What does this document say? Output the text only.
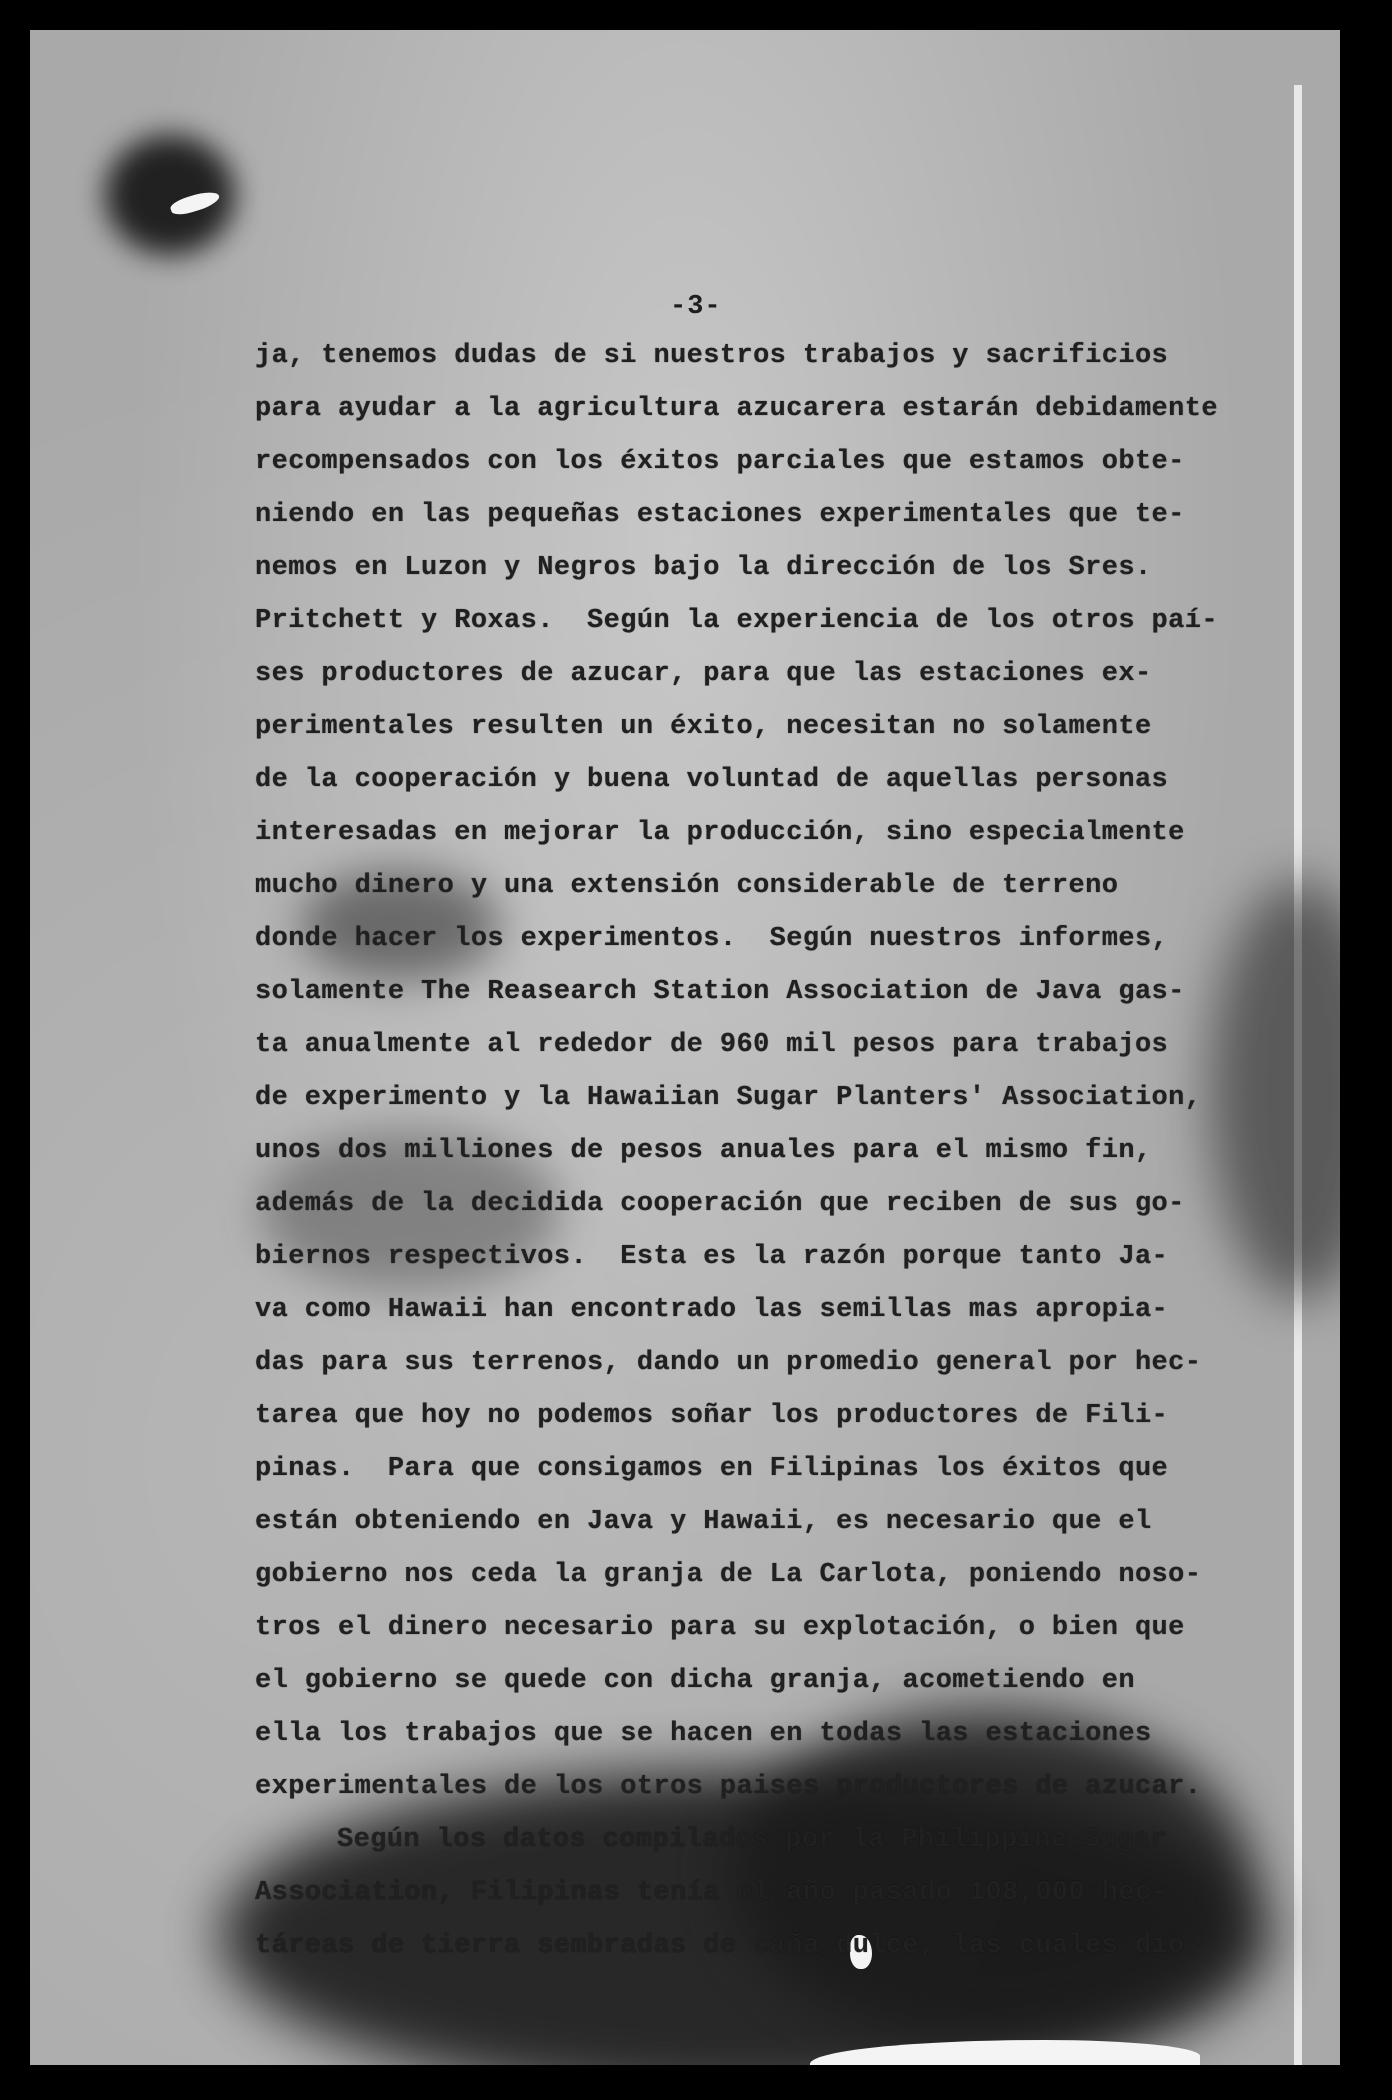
-3-
ja, tenemos dudas de si nuestros trabajos y sacrificios
para ayudar a la agricultura azucarera estarán debidamente
recompensados con los éxitos parciales que estamos obte-
niendo en las pequeñas estaciones experimentales que te-
nemos en Luzon y Negros bajo la dirección de los Sres.
Pritchett y Roxas.  Según la experiencia de los otros paí-
ses productores de azucar, para que las estaciones ex-
perimentales resulten un éxito, necesitan no solamente
de la cooperación y buena voluntad de aquellas personas
interesadas en mejorar la producción, sino especialmente
mucho dinero y una extensión considerable de terreno
donde hacer los experimentos.  Según nuestros informes,
solamente The Reasearch Station Association de Java gas-
ta anualmente al rededor de 960 mil pesos para trabajos
de experimento y la Hawaiian Sugar Planters' Association,
unos dos milliones de pesos anuales para el mismo fin,
además de la decidida cooperación que reciben de sus go-
biernos respectivos.  Esta es la razón porque tanto Ja-
va como Hawaii han encontrado las semillas mas apropia-
das para sus terrenos, dando un promedio general por hec-
tarea que hoy no podemos soñar los productores de Fili-
pinas.  Para que consigamos en Filipinas los éxitos que
están obteniendo en Java y Hawaii, es necesario que el
gobierno nos ceda la granja de La Carlota, poniendo noso-
tros el dinero necesario para su explotación, o bien que
el gobierno se quede con dicha granja, acometiendo en
ella los trabajos que se hacen en todas las estaciones
experimentales de los otros paises productores de azucar.
Según los datos compilados por la Philippine Sugar
Association, Filipinas tenía el año pasado 108,000 hec-
táreas de tierra sembradas de caña dulce, las cuales dio-
